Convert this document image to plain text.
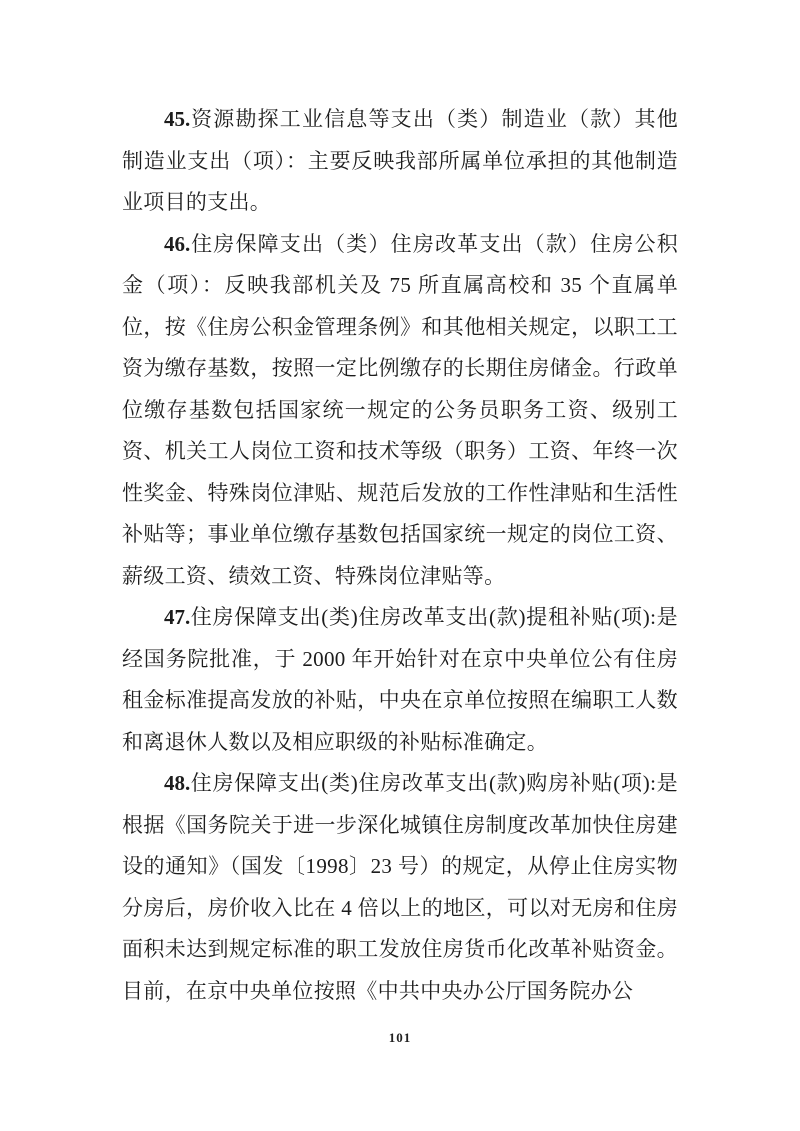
45.资源勘探工业信息等支出（类）制造业（款）其他制造业支出（项）：主要反映我部所属单位承担的其他制造业项目的支出。

46.住房保障支出（类）住房改革支出（款）住房公积金（项）：反映我部机关及 75 所直属高校和 35 个直属单位，按《住房公积金管理条例》和其他相关规定，以职工工资为缴存基数，按照一定比例缴存的长期住房储金。行政单位缴存基数包括国家统一规定的公务员职务工资、级别工资、机关工人岗位工资和技术等级（职务）工资、年终一次性奖金、特殊岗位津贴、规范后发放的工作性津贴和生活性补贴等；事业单位缴存基数包括国家统一规定的岗位工资、薪级工资、绩效工资、特殊岗位津贴等。

47.住房保障支出(类)住房改革支出(款)提租补贴(项):是经国务院批准，于 2000 年开始针对在京中央单位公有住房租金标准提高发放的补贴，中央在京单位按照在编职工人数和离退休人数以及相应职级的补贴标准确定。

48.住房保障支出(类)住房改革支出(款)购房补贴(项):是根据《国务院关于进一步深化城镇住房制度改革加快住房建设的通知》（国发〔1998〕23 号）的规定，从停止住房实物分房后，房价收入比在 4 倍以上的地区，可以对无房和住房面积未达到规定标准的职工发放住房货币化改革补贴资金。目前，在京中央单位按照《中共中央办公厅国务院办公

101
